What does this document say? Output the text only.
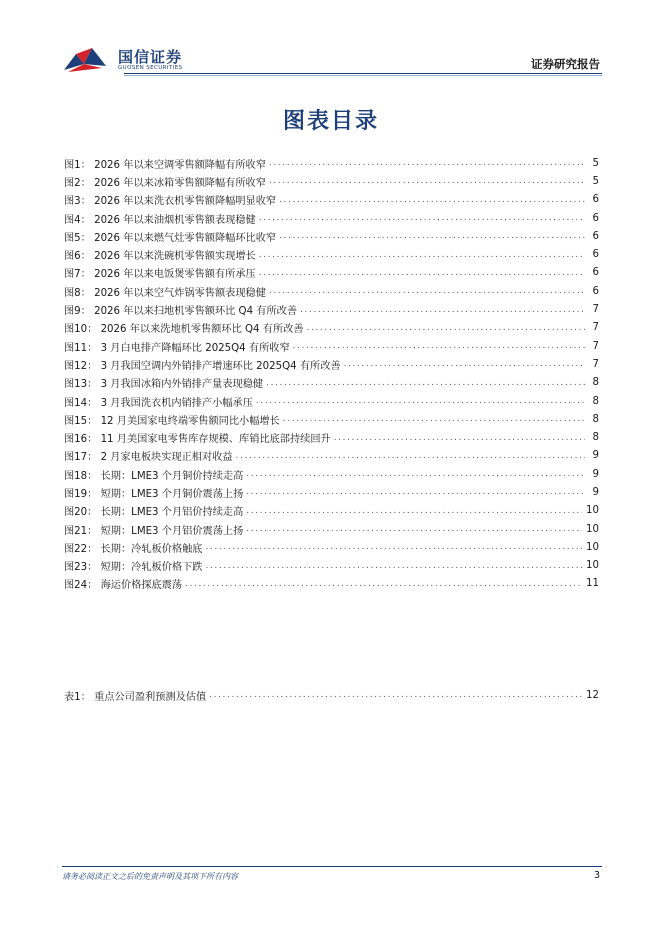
国信证券
GUOSEN SECURITIES	证券研究报告
图表目录
图1： 2026 年以来空调零售额降幅有所收窄 .....	5
图2： 2026 年以来冰箱零售额降幅有所收窄 .....	5
图3： 2026 年以来洗衣机零售额降幅明显收窄 .....	6
图4： 2026 年以来油烟机零售额表现稳健 .....	6
图5： 2026 年以来燃气灶零售额降幅环比收窄 .....	6
图6： 2026 年以来洗碗机零售额实现增长 .....	6
图7： 2026 年以来电饭煲零售额有所承压 .....	6
图8： 2026 年以来空气炸锅零售额表现稳健 .....	6
图9： 2026 年以来扫地机零售额环比 Q4 有所改善 .....	7
图10： 2026 年以来洗地机零售额环比 Q4 有所改善 .....	7
图11： 3 月白电排产降幅环比 2025Q4 有所收窄 .....	7
图12： 3 月我国空调内外销排产增速环比 2025Q4 有所改善 .....	7
图13： 3 月我国冰箱内外销排产量表现稳健 .....	8
图14： 3 月我国洗衣机内销排产小幅承压 .....	8
图15： 12 月美国家电终端零售额同比小幅增长 .....	8
图16： 11 月美国家电零售库存规模、库销比底部持续回升 .....	8
图17： 2 月家电板块实现正相对收益 .....	9
图18： 长期：LME3 个月铜价持续走高 .....	9
图19： 短期：LME3 个月铜价震荡上扬 .....	9
图20： 长期：LME3 个月铝价持续走高 .....	10
图21： 短期：LME3 个月铝价震荡上扬 .....	10
图22： 长期：冷轧板价格触底 .....	10
图23： 短期：冷轧板价格下跌 .....	10
图24： 海运价格探底震荡 .....	11
表1： 重点公司盈利预测及估值 .....	12
请务必阅读正文之后的免责声明及其项下所有内容	3
